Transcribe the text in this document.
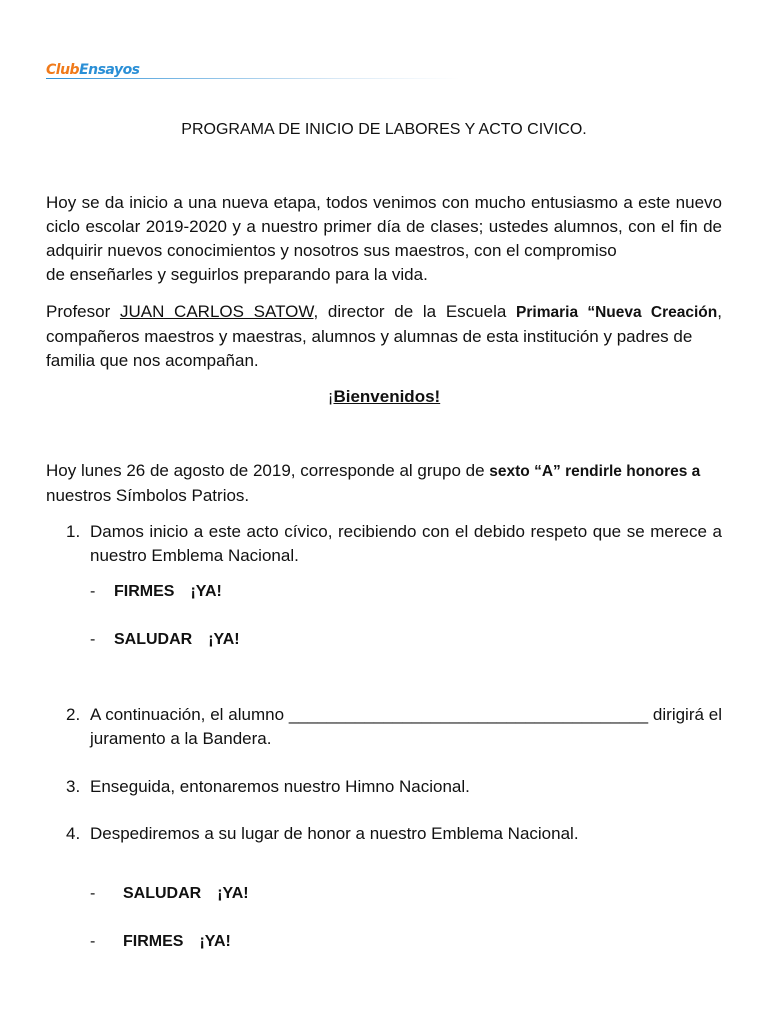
Club Ensayos
PROGRAMA DE INICIO DE LABORES Y ACTO CIVICO.
Hoy se da inicio a una nueva etapa, todos venimos con mucho entusiasmo a este nuevo ciclo escolar 2019-2020 y a nuestro primer día de clases; ustedes alumnos, con el fin de adquirir nuevos conocimientos y nosotros sus maestros, con el compromiso
de enseñarles y seguirlos preparando para la vida.
Profesor JUAN CARLOS SATOW, director de la Escuela Primaria “Nueva Creación, compañeros maestros y maestras, alumnos y alumnas de esta institución y padres de
familia que nos acompañan.
¡Bienvenidos!
Hoy lunes 26 de agosto de 2019, corresponde al grupo de sexto “A” rendirle honores a
nuestros Símbolos Patrios.
1. Damos inicio a este acto cívico, recibiendo con el debido respeto que se merece a nuestro Emblema Nacional.
- FIRMES ¡YA!
- SALUDAR ¡YA!
2. A continuación, el alumno ______________________________________ dirigirá el juramento a la Bandera.
3. Enseguida, entonaremos nuestro Himno Nacional.
4. Despediremos a su lugar de honor a nuestro Emblema Nacional.
- SALUDAR ¡YA!
- FIRMES ¡YA!
